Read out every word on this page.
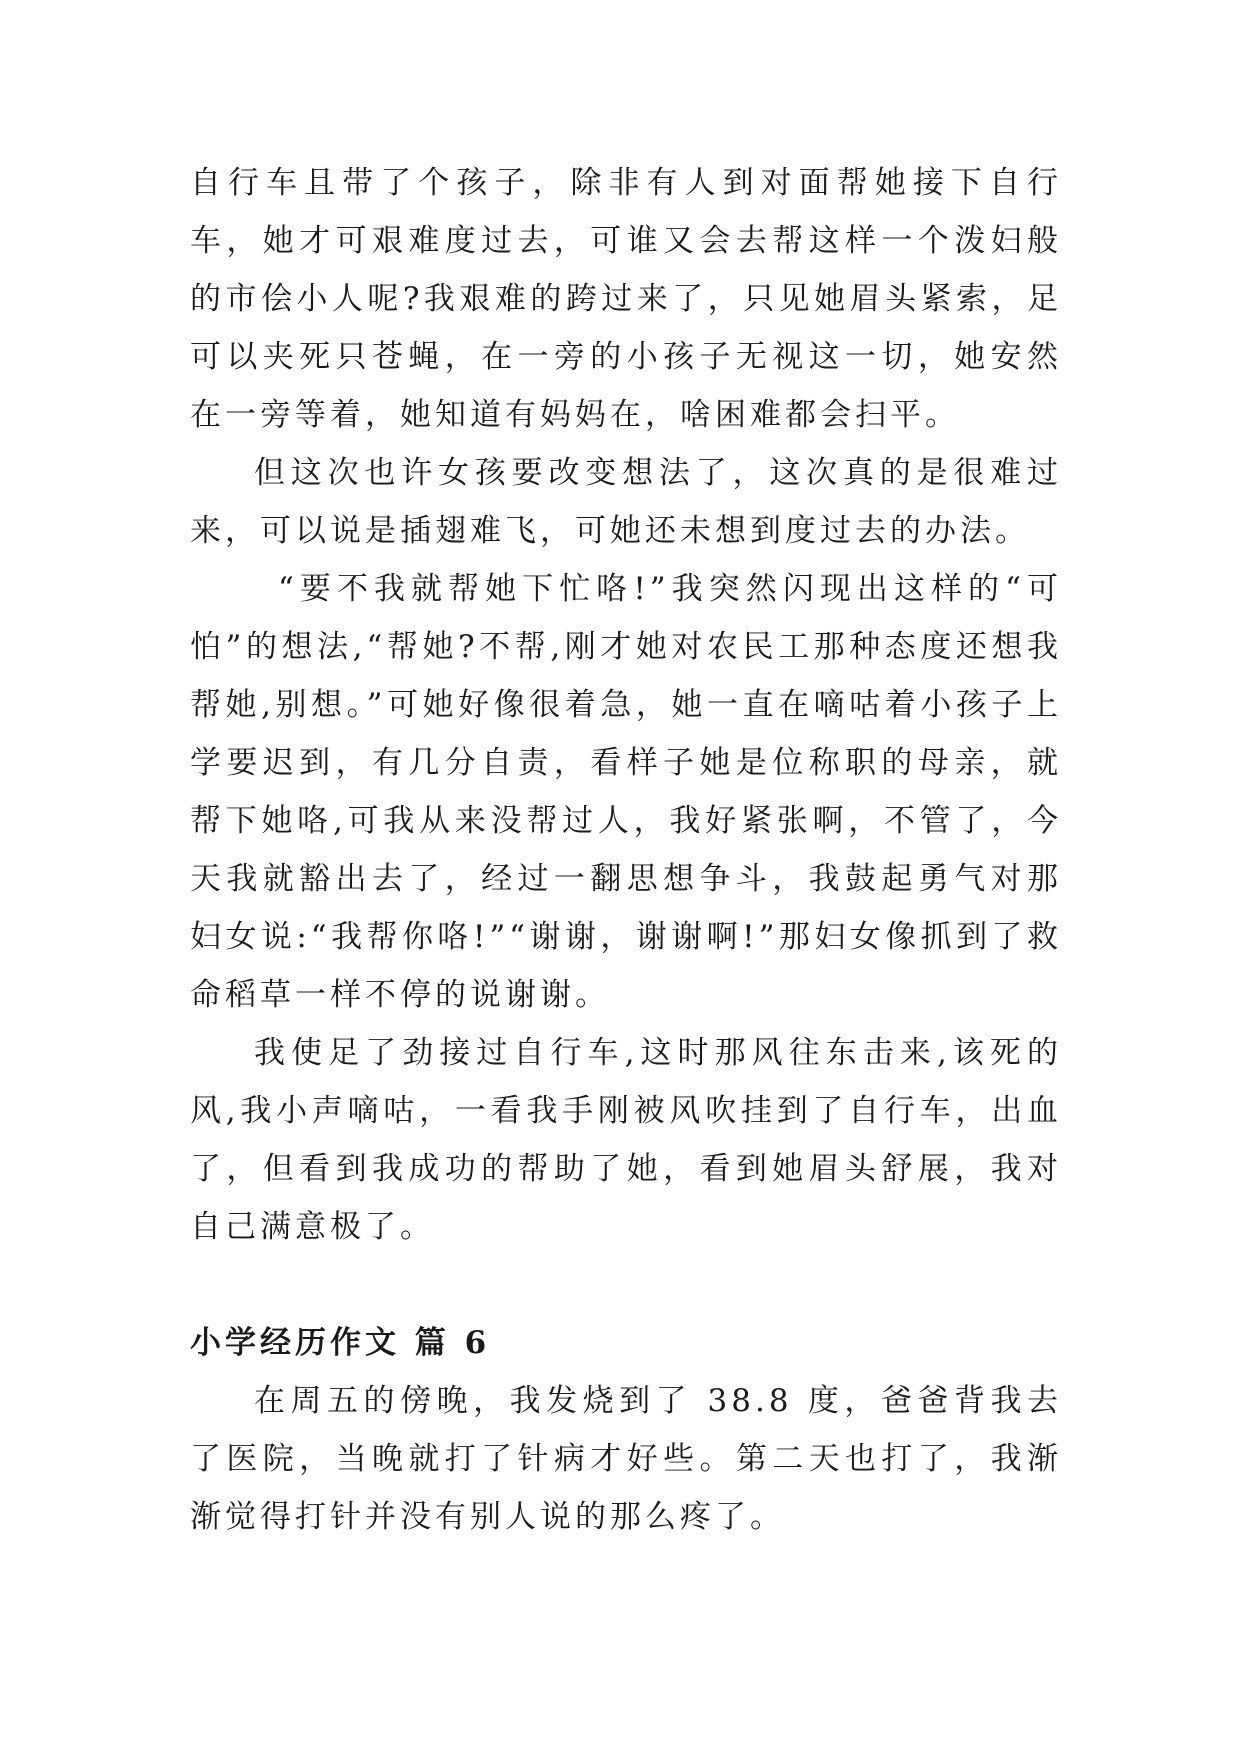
自行车且带了个孩子，除非有人到对面帮她接下自行车，她才可艰难度过去，可谁又会去帮这样一个泼妇般的市侩小人呢?我艰难的跨过来了，只见她眉头紧索，足可以夹死只苍蝇，在一旁的小孩子无视这一切，她安然在一旁等着，她知道有妈妈在，啥困难都会扫平。

但这次也许女孩要改变想法了，这次真的是很难过来，可以说是插翅难飞，可她还未想到度过去的办法。

“要不我就帮她下忙咯!”我突然闪现出这样的“可怕”的想法,“帮她?不帮,刚才她对农民工那种态度还想我帮她,别想。”可她好像很着急，她一直在嘀咕着小孩子上学要迟到，有几分自责，看样子她是位称职的母亲，就帮下她咯,可我从来没帮过人，我好紧张啊，不管了，今天我就豁出去了，经过一翻思想争斗，我鼓起勇气对那妇女说:“我帮你咯!”“谢谢，谢谢啊!”那妇女像抓到了救命稻草一样不停的说谢谢。

我使足了劲接过自行车,这时那风往东击来,该死的风,我小声嘀咕，一看我手刚被风吹挂到了自行车，出血了，但看到我成功的帮助了她，看到她眉头舒展，我对自己满意极了。

小学经历作文 篇 6

在周五的傍晚，我发烧到了 38.8 度，爸爸背我去了医院，当晚就打了针病才好些。第二天也打了，我渐渐觉得打针并没有别人说的那么疼了。
